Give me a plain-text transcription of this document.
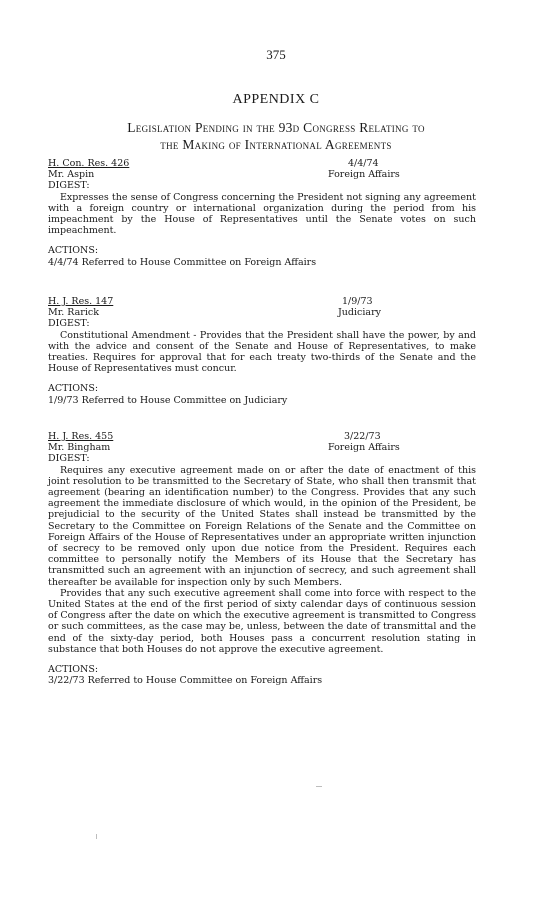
375
APPENDIX C
Legislation Pending in the 93d Congress Relating to
the Making of International Agreements
H. Con. Res. 426	4/4/74
Mr. Aspin	Foreign Affairs
DIGEST:
Expresses the sense of Congress concerning the President not signing any agreement with a foreign country or international organization during the period from his impeachment by the House of Representatives until the Senate votes on such impeachment.
ACTIONS:
4/4/74 Referred to House Committee on Foreign Affairs
H. J. Res. 147	1/9/73
Mr. Rarick	Judiciary
DIGEST:
Constitutional Amendment - Provides that the President shall have the power, by and with the advice and consent of the Senate and House of Representatives, to make treaties. Requires for approval that for each treaty two-thirds of the Senate and the House of Representatives must concur.
ACTIONS:
1/9/73 Referred to House Committee on Judiciary
H. J. Res. 455	3/22/73
Mr. Bingham	Foreign Affairs
DIGEST:
Requires any executive agreement made on or after the date of enactment of this joint resolution to be transmitted to the Secretary of State, who shall then transmit that agreement (bearing an identification number) to the Congress. Provides that any such agreement the immediate disclosure of which would, in the opinion of the President, be prejudicial to the security of the United States shall instead be transmitted by the Secretary to the Committee on Foreign Relations of the Senate and the Committee on Foreign Affairs of the House of Representatives under an appropriate written injunction of secrecy to be removed only upon due notice from the President. Requires each committee to personally notify the Members of its House that the Secretary has transmitted such an agreement with an injunction of secrecy, and such agreement shall thereafter be available for inspection only by such Members.
Provides that any such executive agreement shall come into force with respect to the United States at the end of the first period of sixty calendar days of continuous session of Congress after the date on which the executive agreement is transmitted to Congress or such committees, as the case may be, unless, between the date of transmittal and the end of the sixty-day period, both Houses pass a concurrent resolution stating in substance that both Houses do not approve the executive agreement.
ACTIONS:
3/22/73 Referred to House Committee on Foreign Affairs
